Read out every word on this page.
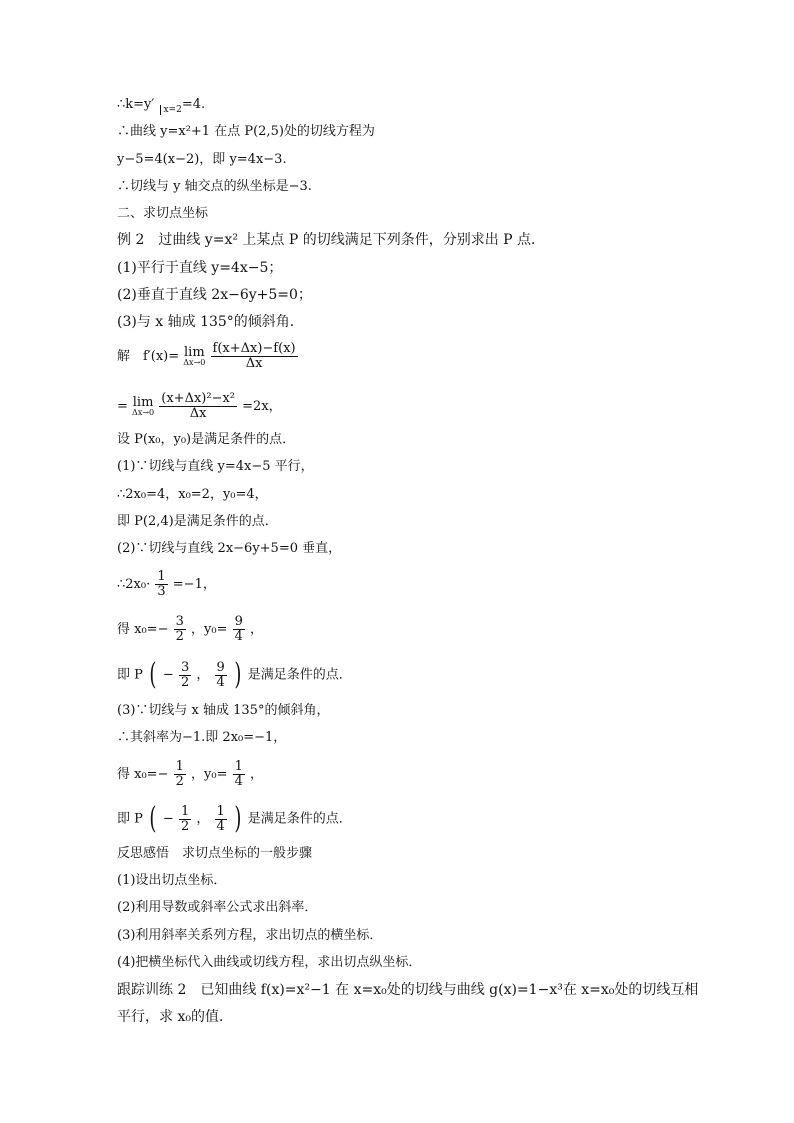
∴k=y′ $_{x=2}$=4.
∴曲线 y=x²+1 在点 P(2,5)处的切线方程为
y−5=4(x−2)，即 y=4x−3.
∴切线与 y 轴交点的纵坐标是−3.
二、求切点坐标
例 2　过曲线 y=x² 上某点 P 的切线满足下列条件，分别求出 P 点．
(1)平行于直线 y=4x−5；
(2)垂直于直线 2x−6y+5=0；
(3)与 x 轴成 135°的倾斜角．
解　f′(x)= lim
Δx→0
$\frac{f(x+\Delta x)-f(x)}{\Delta x}$
= lim
Δx→0
$\frac{\text{(x+Δx)²−x²}}{\Delta x} =2x$，
设 P(x₀，y₀)是满足条件的点．
(1)∵切线与直线 y=4x−5 平行，
∴2x₀=4，x₀=2，y₀=4，
即 P(2,4)是满足条件的点．
(2)∵切线与直线 2x−6y+5=0 垂直，
∴2x₀· $\frac{1}{3} =-1$，
得 $x_0=- \frac{3}{2}$ ，$y_0= \frac{9}{4}$ ，
即 P ( − $\frac{3}{2}$ ， $\frac{9}{4}$ ) 是满足条件的点．
(3)∵切线与 x 轴成 135°的倾斜角，
∴其斜率为−1.即 2x₀=−1，
得 $x_0=- \frac{1}{2}$ ，$y_0= \frac{1}{4}$ ，
即 P ( − $\frac{1}{2}$ ， $\frac{1}{4}$ ) 是满足条件的点．
反思感悟　求切点坐标的一般步骤
(1)设出切点坐标．
(2)利用导数或斜率公式求出斜率．
(3)利用斜率关系列方程，求出切点的横坐标．
(4)把横坐标代入曲线或切线方程，求出切点纵坐标．
跟踪训练 2　已知曲线 f(x)=x²−1 在 x=x₀处的切线与曲线 g(x)=1−x³在 x=x₀处的切线互相
平行，求 x₀的值．
